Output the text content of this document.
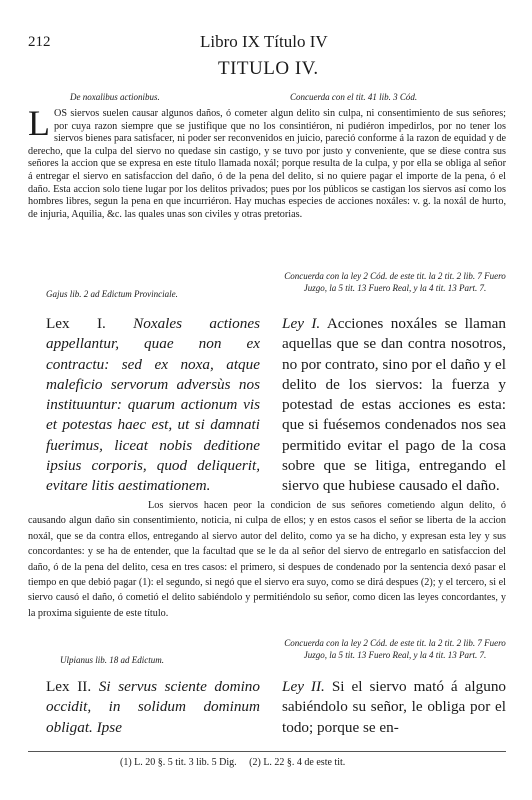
212	Libro IX Título IV
TITULO IV.
De noxalibus actionibus.	Concuerda con el tit. 41 lib. 3 Cód.
LOS siervos suelen causar algunos daños, ó cometer algun delito sin culpa, ni consentimiento de sus señores; por cuya razon siempre que se justifique que no los consintiéron, ni pudiéron impedirlos, por no tener los siervos bienes para satisfacer, ni poder ser reconvenidos en juicio, pareció conforme á la razon de equidad y de derecho, que la culpa del siervo no quedase sin castigo, y se tuvo por justo y conveniente, que se diese contra sus señores la accion que se expresa en este título llamada noxál; porque resulta de la culpa, y por ella se obliga al señor á entregar el siervo en satisfaccion del daño, ó de la pena del delito, si no quiere pagar el importe de la pena, ó el daño. Esta accion solo tiene lugar por los delitos privados; pues por los públicos se castigan los siervos así como los hombres libres, segun la pena en que incurriéron. Hay muchas especies de acciones noxáles: v. g. la noxál de hurto, de injuria, Aquilia, &c. las quales unas son civiles y otras pretorias.
Gajus lib. 2 ad Edictum Provinciale.
Concuerda con la ley 2 Cód. de este tit. la 2 tit. 2 lib. 7 Fuero Juzgo, la 5 tit. 13 Fuero Real, y la 4 tit. 13 Part. 7.
Lex I. Noxales actiones appellantur, quae non ex contractu: sed ex noxa, atque maleficio servorum adversùs nos instituuntur: quarum actionum vis et potestas haec est, ut si damnati fuerimus, liceat nobis deditione ipsius corporis, quod deliquerit, evitare litis aestimationem.
Ley I. Acciones noxáles se llaman aquellas que se dan contra nosotros, no por contrato, sino por el daño y el delito de los siervos: la fuerza y potestad de estas acciones es esta: que si fuésemos condenados nos sea permitido evitar el pago de la cosa sobre que se litiga, entregando el siervo que hubiese causado el daño.
Los siervos hacen peor la condicion de sus señores cometiendo algun delito, ó causando algun daño sin consentimiento, noticia, ni culpa de ellos; y en estos casos el señor se liberta de la accion noxál, que se da contra ellos, entregando al siervo autor del delito, como ya se ha dicho, y expresan esta ley y sus concordantes: y se ha de entender, que la facultad que se le da al señor del siervo de entregarlo en satisfaccion del daño, ó de la pena del delito, cesa en tres casos: el primero, si despues de condenado por la sentencia dexó pasar el tiempo en que debió pagar (1): el segundo, si negó que el siervo era suyo, como se dirá despues (2); y el tercero, si el siervo causó el daño, ó cometió el delito sabiéndolo y permitiéndolo su señor, como dicen las leyes concordantes, y la proxima siguiente de este título.
Ulpianus lib. 18 ad Edictum.
Concuerda con la ley 2 Cód. de este tit. la 2 tit. 2 lib. 7 Fuero Juzgo, la 5 tit. 13 Fuero Real, y la 4 tit. 13 Part. 7.
Lex II. Si servus sciente domino occidit, in solidum dominum obligat. Ipse
Ley II. Si el siervo mató á alguno sabiéndolo su señor, le obliga por el todo; porque se en-
(1) L. 20 §. 5 tit. 3 lib. 5 Dig.     (2) L. 22 §. 4 de este tit.
